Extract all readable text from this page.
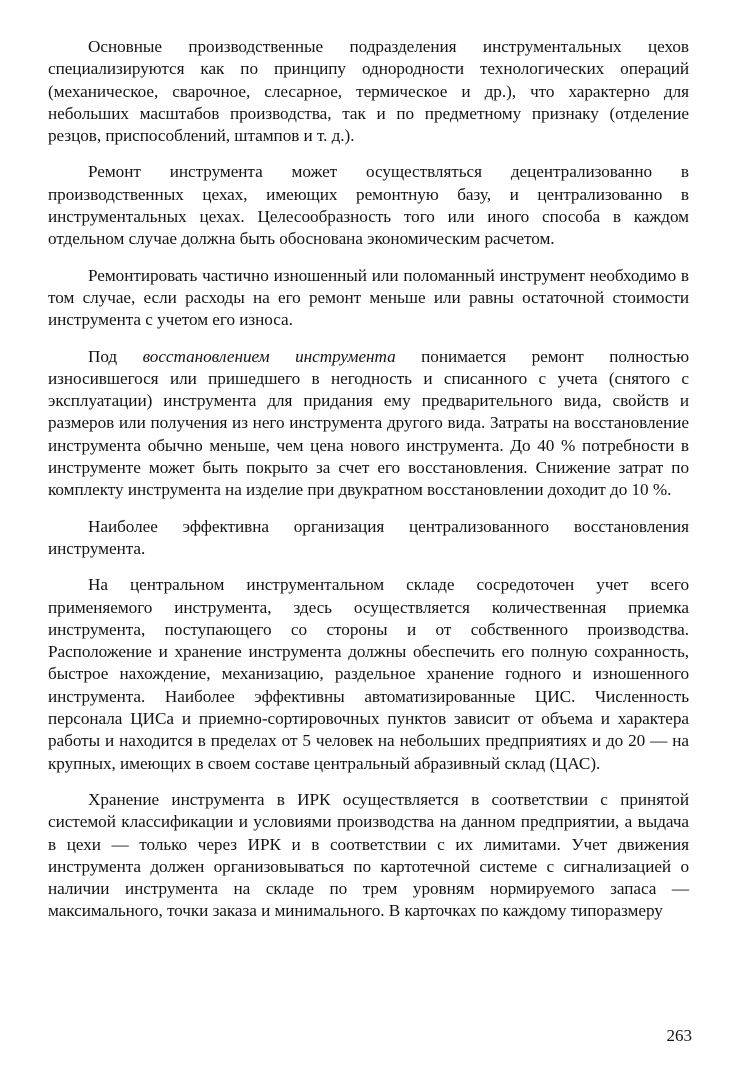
Основные производственные подразделения инструментальных цехов специализируются как по принципу однородности технологических операций (механическое, сварочное, слесарное, термическое и др.), что характерно для небольших масштабов производства, так и по предметному признаку (отделение резцов, приспособлений, штампов и т. д.).

Ремонт инструмента может осуществляться децентрализованно в производственных цехах, имеющих ремонтную базу, и централизованно в инструментальных цехах. Целесообразность того или иного способа в каждом отдельном случае должна быть обоснована экономическим расчетом.

Ремонтировать частично изношенный или поломанный инструмент необходимо в том случае, если расходы на его ремонт меньше или равны остаточной стоимости инструмента с учетом его износа.

Под восстановлением инструмента понимается ремонт полностью износившегося или пришедшего в негодность и списанного с учета (снятого с эксплуатации) инструмента для придания ему предварительного вида, свойств и размеров или получения из него инструмента другого вида. Затраты на восстановление инструмента обычно меньше, чем цена нового инструмента. До 40 % потребности в инструменте может быть покрыто за счет его восстановления. Снижение затрат по комплекту инструмента на изделие при двукратном восстановлении доходит до 10 %.

Наиболее эффективна организация централизованного восстановления инструмента.

На центральном инструментальном складе сосредоточен учет всего применяемого инструмента, здесь осуществляется количественная приемка инструмента, поступающего со стороны и от собственного производства. Расположение и хранение инструмента должны обеспечить его полную сохранность, быстрое нахождение, механизацию, раздельное хранение годного и изношенного инструмента. Наиболее эффективны автоматизированные ЦИС. Численность персонала ЦИСа и приемно-сортировочных пунктов зависит от объема и характера работы и находится в пределах от 5 человек на небольших предприятиях и до 20 — на крупных, имеющих в своем составе центральный абразивный склад (ЦАС).

Хранение инструмента в ИРК осуществляется в соответствии с принятой системой классификации и условиями производства на данном предприятии, а выдача в цехи — только через ИРК и в соответствии с их лимитами. Учет движения инструмента должен организовываться по картотечной системе с сигнализацией о наличии инструмента на складе по трем уровням нормируемого запаса — максимального, точки заказа и минимального. В карточках по каждому типоразмеру

263
